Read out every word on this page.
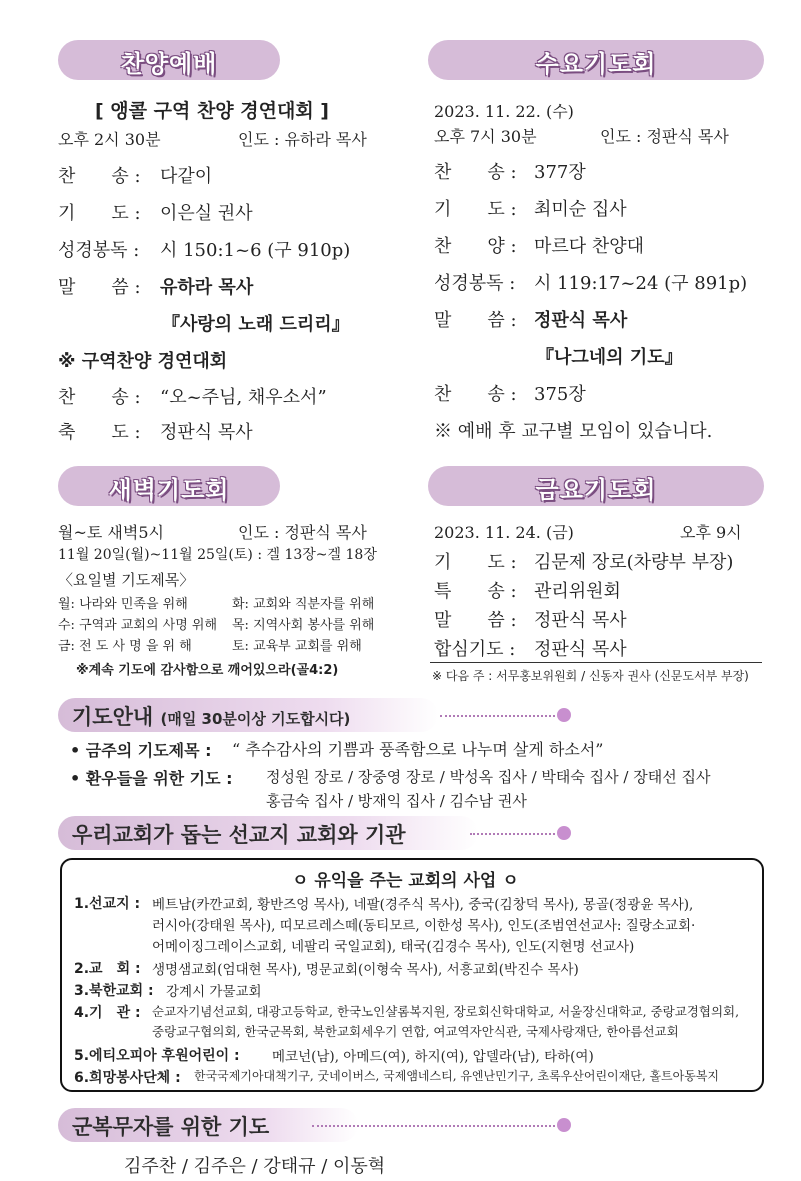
찬양예배
[ 앵콜 구역 찬양 경연대회 ]
오후 2시 30분	인도 : 유하라 목사
찬　　송 : 다같이
기　　도 : 이은실 권사
성경봉독 : 시 150:1~6 (구 910p)
말　　씀 : 유하라 목사
『사랑의 노래 드리리』
※ 구역찬양 경연대회
찬　　송 : “오~주님, 채우소서”
축　　도 : 정판식 목사
수요기도회
2023. 11. 22. (수)
오후 7시 30분	인도 : 정판식 목사
찬　　송 : 377장
기　　도 : 최미순 집사
찬　　양 : 마르다 찬양대
성경봉독 : 시 119:17~24 (구 891p)
말　　씀 : 정판식 목사
『나그네의 기도』
찬　　송 : 375장
※ 예배 후 교구별 모임이 있습니다.
새벽기도회
월~토 새벽5시	인도 : 정판식 목사
11월 20일(월)~11월 25일(토) : 겔 13장~겔 18장
〈요일별 기도제목〉
월: 나라와 민족을 위해	화: 교회와 직분자를 위해
수: 구역과 교회의 사명 위해 목: 지역사회 봉사를 위해
금: 전 도 사 명 을 위 해	토: 교육부 교회를 위해
※계속 기도에 감사함으로 깨어있으라(골4:2)
금요기도회
2023. 11. 24. (금)	오후 9시
기　　도 : 김문제 장로(차량부 부장)
특　　송 : 관리위원회
말　　씀 : 정판식 목사
합심기도 : 정판식 목사
※ 다음 주 : 서무홍보위원회 / 신동자 권사 (신문도서부 부장)
기도안내 (매일 30분이상 기도합시다)
• 금주의 기도제목 : “ 추수감사의 기쁨과 풍족함으로 나누며 살게 하소서”
• 환우들을 위한 기도 : 정성원 장로 / 장중영 장로 / 박성옥 집사 / 박태숙 집사 / 장태선 집사
홍금숙 집사 / 방재익 집사 / 김수남 권사
우리교회가 돕는 선교지 교회와 기관
ㅇ 유익을 주는 교회의 사업 ㅇ
1.선교지 : 베트남(카깐교회, 황반즈엉 목사), 네팔(경주식 목사), 중국(김창덕 목사), 몽골(정광윤 목사),
러시아(강태원 목사), 띠모르레스떼(동티모르, 이한성 목사), 인도(조범연선교사: 질랑소교회·
어메이징그레이스교회, 네팔리 국일교회), 태국(김경수 목사), 인도(지현명 선교사)
2.교　회 : 생명샘교회(엄대현 목사), 명문교회(이형숙 목사), 서흥교회(박진수 목사)
3.북한교회 : 강계시 가물교회
4.기　관 : 순교자기념선교회, 대광고등학교, 한국노인샬롬복지원, 장로회신학대학교, 서울장신대학교, 중랑교경협의회,
중랑교구협의회, 한국군목회, 북한교회세우기 연합, 여교역자안식관, 국제사랑재단, 한아름선교회
5.에티오피아 후원어린이 : 메코넌(남), 아메드(여), 하지(여), 압델라(남), 타하(여)
6.희망봉사단체 : 한국국제기아대책기구, 굿네이버스, 국제앰네스티, 유엔난민기구, 초록우산어린이재단, 홀트아동복지
군복무자를 위한 기도
김주찬 / 김주은 / 강태규 / 이동혁
